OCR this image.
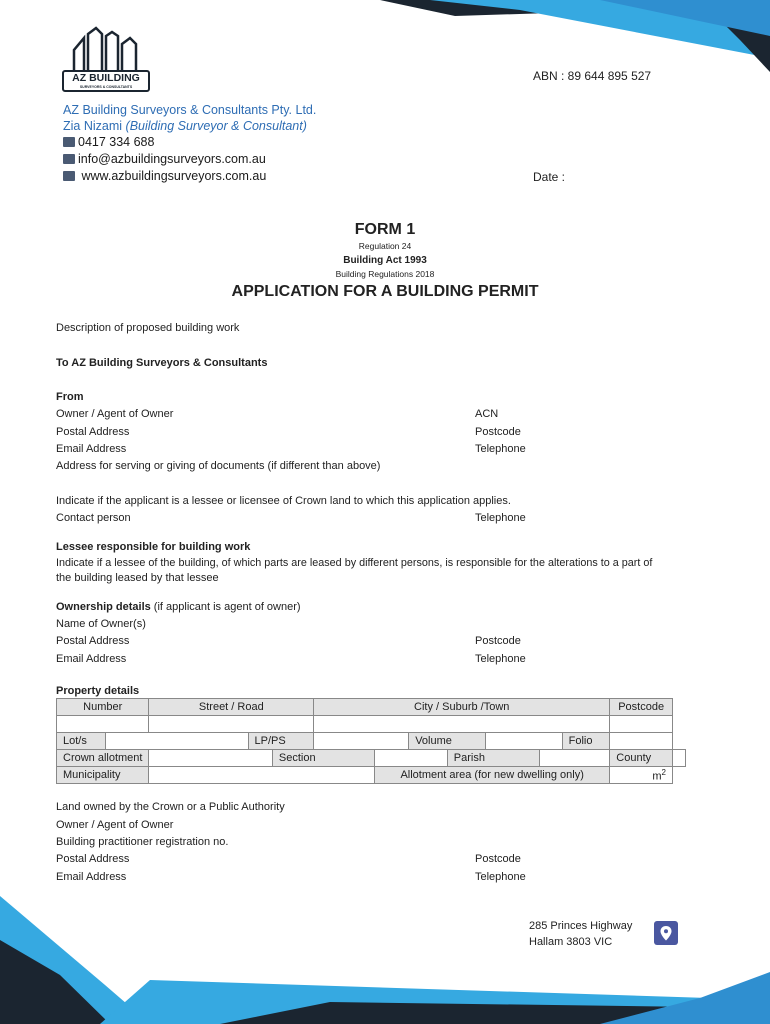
AZ BUILDING
SURVEYORS & CONSULTANTS
ABN : 89 644 895 527
AZ Building Surveyors & Consultants Pty. Ltd.
Zia Nizami (Building Surveyor & Consultant)
0417 334 688
info@azbuildingsurveyors.com.au
www.azbuildingsurveyors.com.au	Date :
FORM 1
Regulation 24
Building Act 1993
Building Regulations 2018
APPLICATION FOR A BUILDING PERMIT
Description of proposed building work
To AZ Building Surveyors & Consultants
From
Owner / Agent of Owner	ACN
Postal Address	Postcode
Email Address	Telephone
Address for serving or giving of documents (if different than above)
Indicate if the applicant is a lessee or licensee of Crown land to which this application applies.
Contact person	Telephone
Lessee responsible for building work
Indicate if a lessee of the building, of which parts are leased by different persons, is responsible for the alterations to a part of
the building leased by that lessee
Ownership details (if applicant is agent of owner)
Name of Owner(s)
Postal Address	Postcode
Email Address	Telephone
Property details
Number		Street / Road			City / Suburb /Town							Postcode	

Lot/s			LP/PS				Volume				Folio		
Crown allotment				Section				Parish				County	
Municipality						Allotment area (for new dwelling only)						$m^2$
Land owned by the Crown or a Public Authority
Owner / Agent of Owner
Building practitioner registration no.
Postal Address	Postcode
Email Address	Telephone
285 Princes Highway
Hallam 3803 VIC
